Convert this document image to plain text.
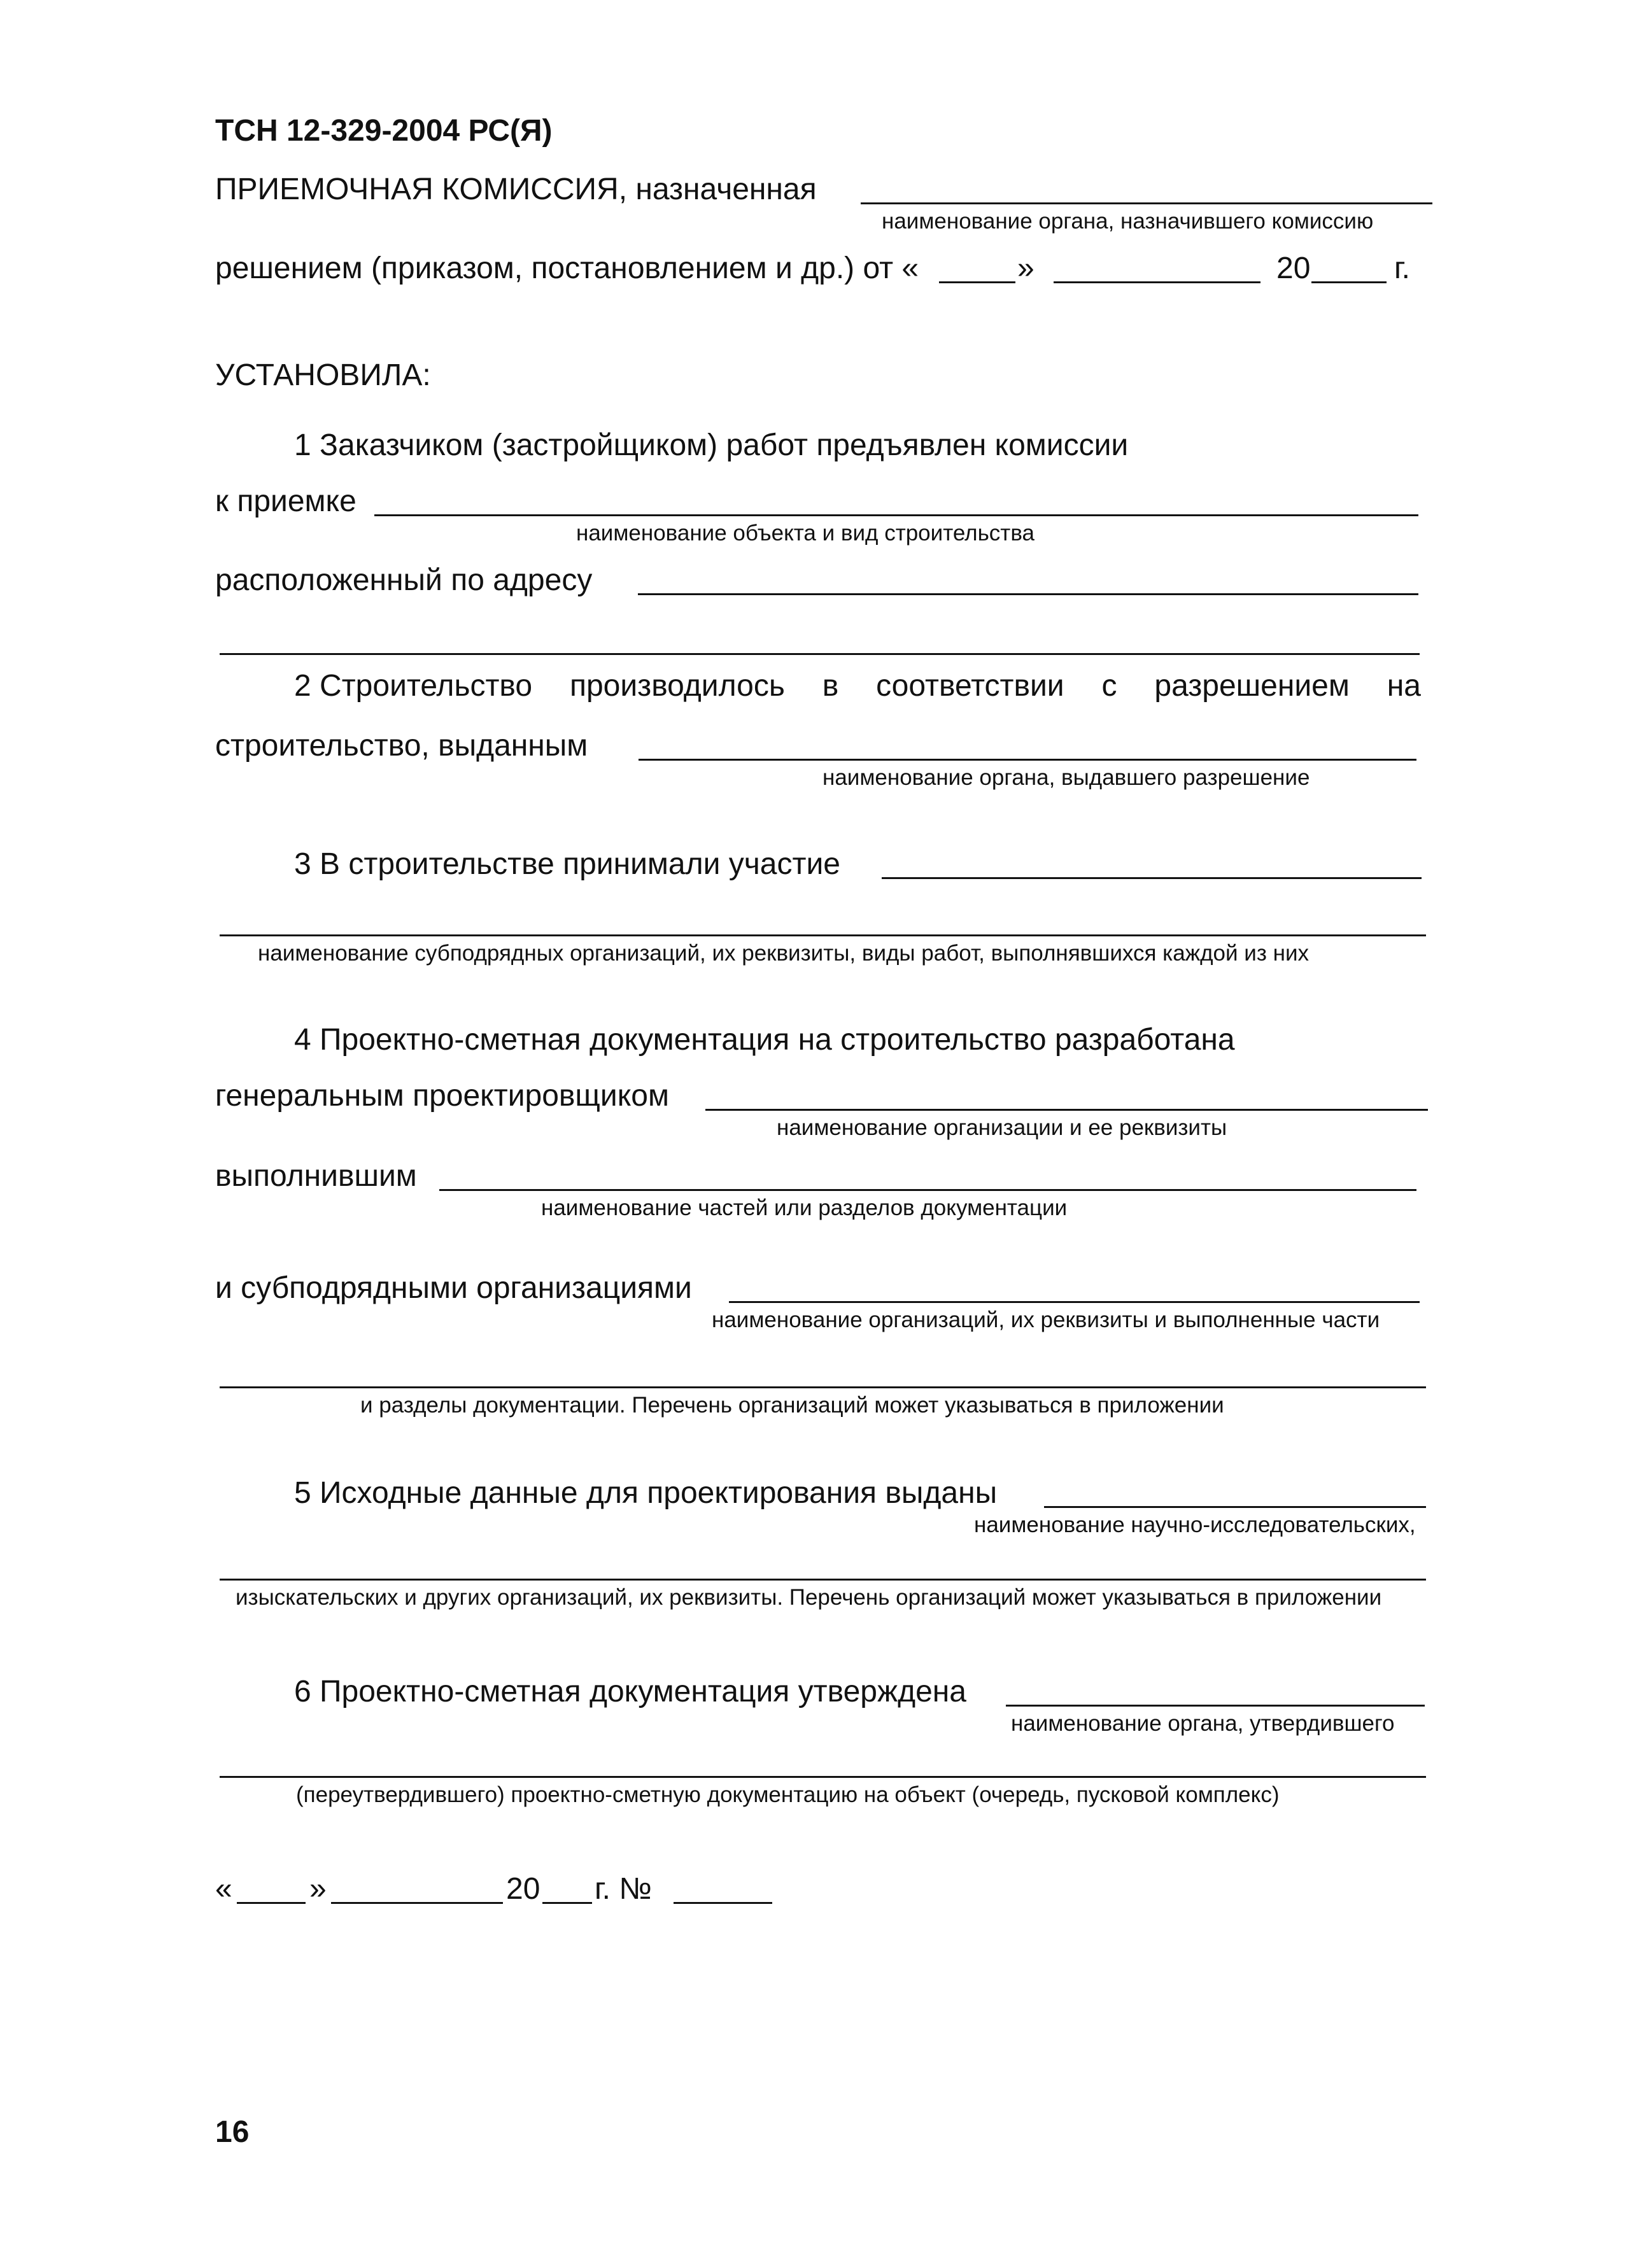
ТСН 12-329-2004 РС(Я)
ПРИЕМОЧНАЯ КОМИССИЯ, назначенная
наименование органа, назначившего комиссию
решением (приказом, постановлением и др.) от «	»	20	г.
УСТАНОВИЛА:
1 Заказчиком (застройщиком) работ предъявлен комиссии
к приемке
наименование объекта и вид строительства
расположенный по адресу
2 Строительство производилось в соответствии с разрешением на
строительство, выданным
наименование органа, выдавшего разрешение
3 В строительстве принимали участие
наименование субподрядных организаций, их реквизиты, виды работ, выполнявшихся каждой из них
4 Проектно-сметная документация на строительство разработана
генеральным проектировщиком
наименование организации и ее реквизиты
выполнившим
наименование частей или разделов документации
и субподрядными организациями
наименование организаций, их реквизиты и выполненные части
и разделы документации. Перечень организаций может указываться в приложении
5 Исходные данные для проектирования выданы
наименование научно-исследовательских,
изыскательских и других организаций, их реквизиты. Перечень организаций может указываться в приложении
6 Проектно-сметная документация утверждена
наименование органа, утвердившего
(переутвердившего) проектно-сметную документацию на объект (очередь, пусковой комплекс)
«	»	20 г. №
16
